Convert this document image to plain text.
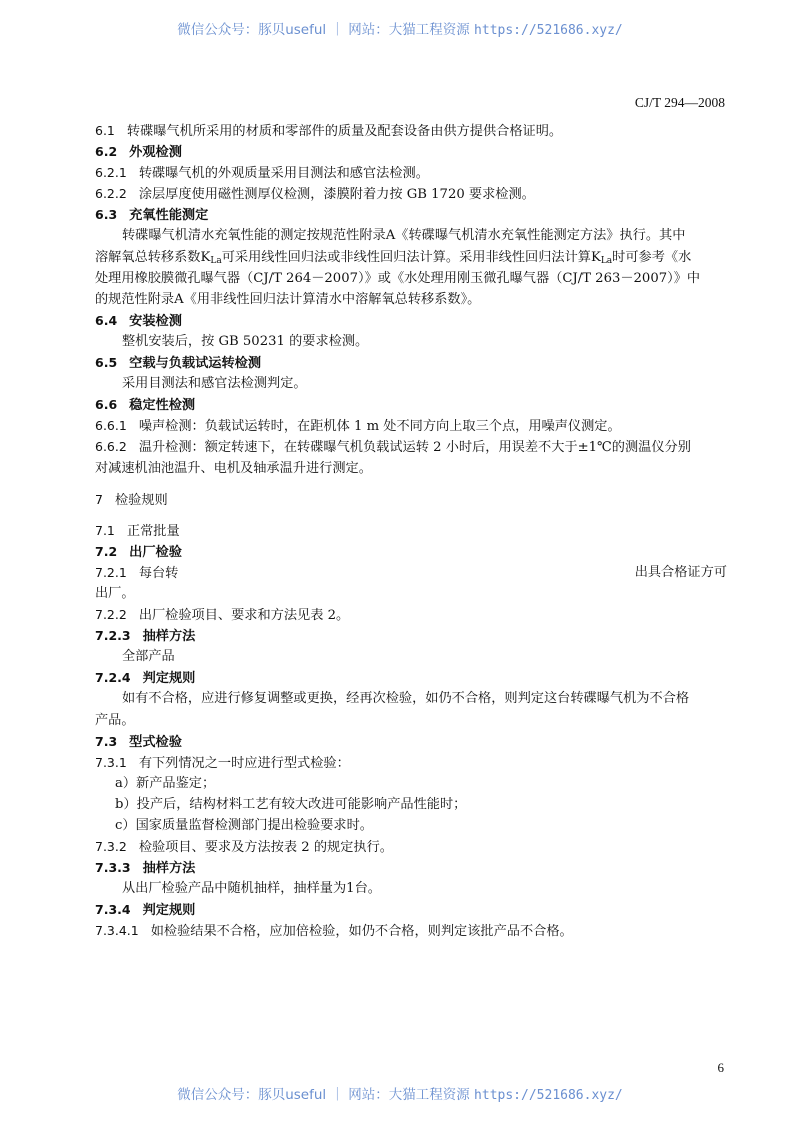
微信公众号：豚贝useful ｜ 网站：大猫工程资源 https://521686.xyz/
CJ/T 294—2008
6.1 转碟曝气机所采用的材质和零部件的质量及配套设备由供方提供合格证明。
6.2 外观检测
6.2.1 转碟曝气机的外观质量采用目测法和感官法检测。
6.2.2 涂层厚度使用磁性测厚仪检测，漆膜附着力按 GB 1720 要求检测。
6.3 充氧性能测定
转碟曝气机清水充氧性能的测定按规范性附录A《转碟曝气机清水充氧性能测定方法》执行。其中
溶解氧总转移系数$K_{La}$可采用线性回归法或非线性回归法计算。采用非线性回归法计算$K_{La}$时可参考《水
处理用橡胶膜微孔曝气器（CJ/T 264－2007）》或《水处理用刚玉微孔曝气器（CJ/T 263－2007）》中
的规范性附录A《用非线性回归法计算清水中溶解氧总转移系数》。
6.4 安装检测
整机安装后，按 GB 50231 的要求检测。
6.5 空载与负载试运转检测
采用目测法和感官法检测判定。
6.6 稳定性检测
6.6.1 噪声检测：负载试运转时，在距机体 1 m 处不同方向上取三个点，用噪声仪测定。
6.6.2 温升检测：额定转速下，在转碟曝气机负载试运转 2 小时后，用误差不大于±1℃的测温仪分别
对减速机油池温升、电机及轴承温升进行测定。
7 检验规则
7.1 正常批量
7.2 出厂检验
7.2.1 每台转	出具合格证方可
出厂。
7.2.2 出厂检验项目、要求和方法见表 2。
7.2.3 抽样方法
全部产品
7.2.4 判定规则
如有不合格，应进行修复调整或更换，经再次检验，如仍不合格，则判定这台转碟曝气机为不合格
产品。
7.3 型式检验
7.3.1 有下列情况之一时应进行型式检验：
a）新产品鉴定；
b）投产后，结构材料工艺有较大改进可能影响产品性能时；
c）国家质量监督检测部门提出检验要求时。
7.3.2 检验项目、要求及方法按表 2 的规定执行。
7.3.3 抽样方法
从出厂检验产品中随机抽样，抽样量为1台。
7.3.4 判定规则
7.3.4.1 如检验结果不合格，应加倍检验，如仍不合格，则判定该批产品不合格。
6
微信公众号：豚贝useful ｜ 网站：大猫工程资源 https://521686.xyz/
